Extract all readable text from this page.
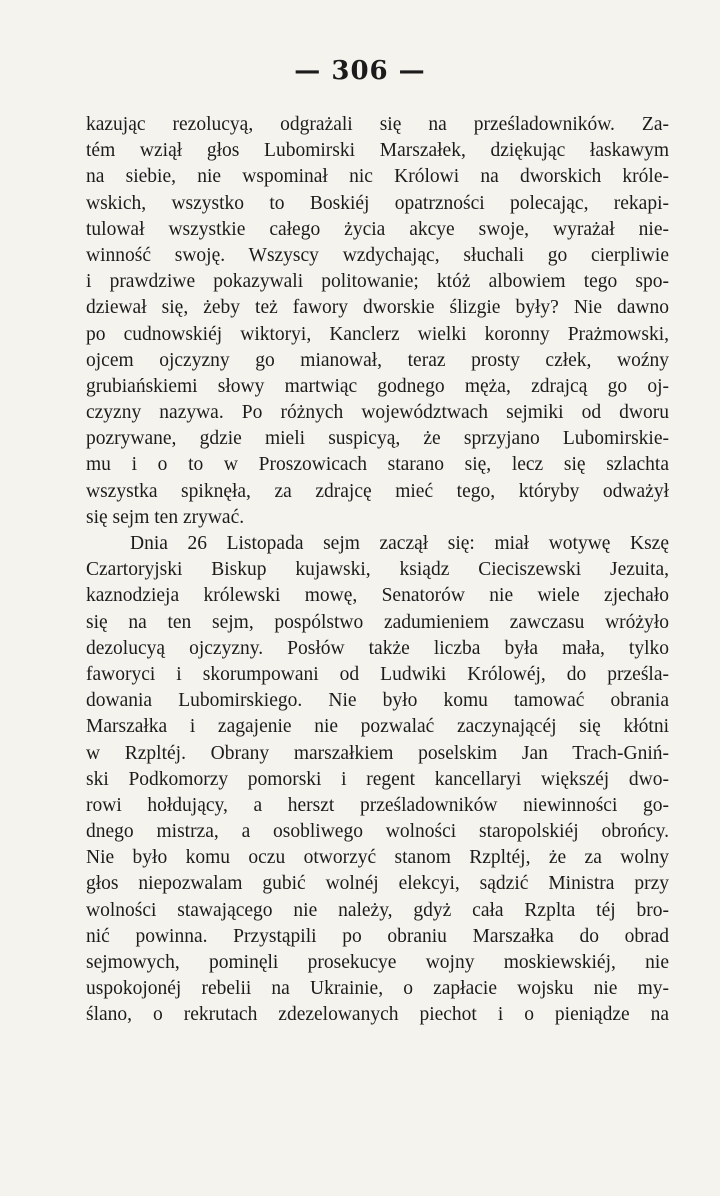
— 306 —
kazując rezolucyą, odgrażali się na prześladowników. Za-
tém wziął głos Lubomirski Marszałek, dziękując łaskawym
na siebie, nie wspominał nic Królowi na dworskich króle-
wskich, wszystko to Boskiéj opatrzności polecając, rekapi-
tulował wszystkie całego życia akcye swoje, wyrażał nie-
winność swoję. Wszyscy wzdychając, słuchali go cierpliwie
i prawdziwe pokazywali politowanie; któż albowiem tego spo-
dziewał się, żeby też fawory dworskie ślizgie były? Nie dawno
po cudnowskiéj wiktoryi, Kanclerz wielki koronny Prażmowski,
ojcem ojczyzny go mianował, teraz prosty człek, woźny
grubiańskiemi słowy martwiąc godnego męża, zdrajcą go oj-
czyzny nazywa. Po różnych województwach sejmiki od dworu
pozrywane, gdzie mieli suspicyą, że sprzyjano Lubomirskie-
mu i o to w Proszowicach starano się, lecz się szlachta
wszystka spiknęła, za zdrajcę mieć tego, któryby odważył
się sejm ten zrywać.
Dnia 26 Listopada sejm zaczął się: miał wotywę Kszę
Czartoryjski Biskup kujawski, ksiądz Cieciszewski Jezuita,
kaznodzieja królewski mowę, Senatorów nie wiele zjechało
się na ten sejm, pospólstwo zadumieniem zawczasu wróżyło
dezolucyą ojczyzny. Posłów także liczba była mała, tylko
faworyci i skorumpowani od Ludwiki Królowéj, do prześla-
dowania Lubomirskiego. Nie było komu tamować obrania
Marszałka i zagajenie nie pozwalać zaczynającéj się kłótni
w Rzpltéj. Obrany marszałkiem poselskim Jan Trach-Gniń-
ski Podkomorzy pomorski i regent kancellaryi większéj dwo-
rowi hołdujący, a herszt prześladowników niewinności go-
dnego mistrza, a osobliwego wolności staropolskiéj obrońcy.
Nie było komu oczu otworzyć stanom Rzpltéj, że za wolny
głos niepozwalam gubić wolnéj elekcyi, sądzić Ministra przy
wolności stawającego nie należy, gdyż cała Rzplta téj bro-
nić powinna. Przystąpili po obraniu Marszałka do obrad
sejmowych, pominęli prosekucye wojny moskiewskiéj, nie
uspokojonéj rebelii na Ukrainie, o zapłacie wojsku nie my-
ślano, o rekrutach zdezelowanych piechot i o pieniądze na
